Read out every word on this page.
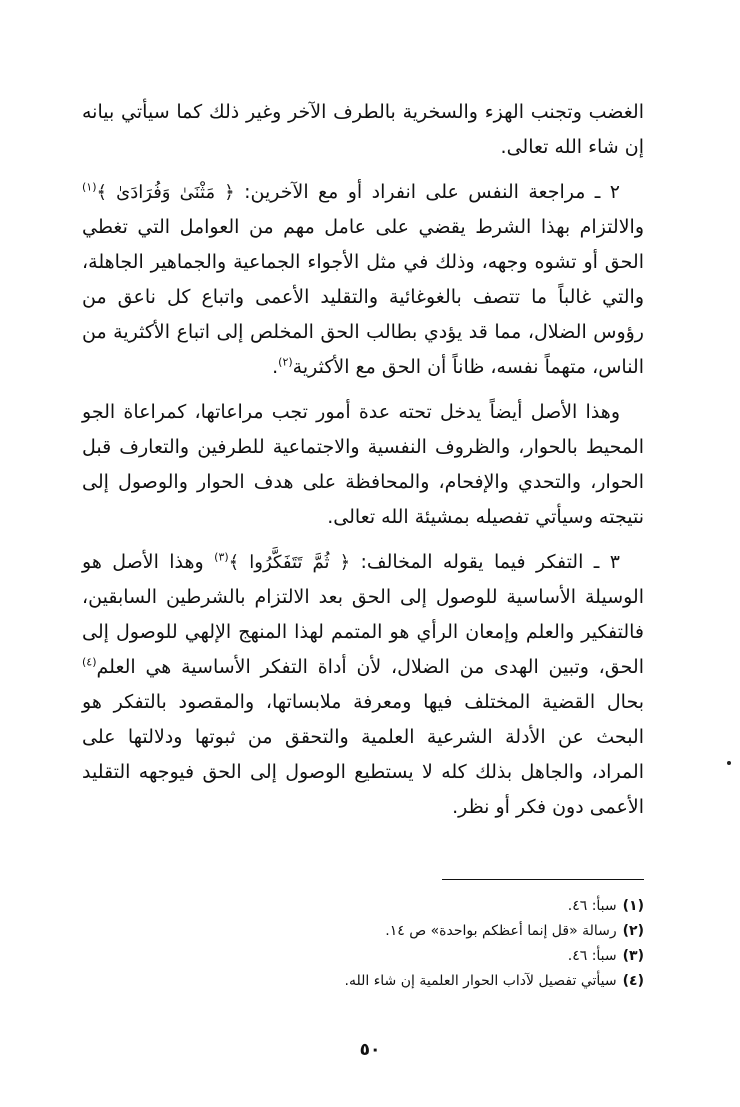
الغضب وتجنب الهزء والسخرية بالطرف الآخر وغير ذلك كما سيأتي بيانه إن شاء الله تعالى.

٢ ـ مراجعة النفس على انفراد أو مع الآخرين: ﴿ مَثْنَىٰ وَفُرَادَىٰ ﴾$^{(١)}$ والالتزام بهذا الشرط يقضي على عامل مهم من العوامل التي تغطي الحق أو تشوه وجهه، وذلك في مثل الأجواء الجماعية والجماهير الجاهلة، والتي غالباً ما تتصف بالغوغائية والتقليد الأعمى واتباع كل ناعق من رؤوس الضلال، مما قد يؤدي بطالب الحق المخلص إلى اتباع الأكثرية من الناس، متهماً نفسه، ظاناً أن الحق مع الأكثرية$^{(٢)}$.

وهذا الأصل أيضاً يدخل تحته عدة أمور تجب مراعاتها، كمراعاة الجو المحيط بالحوار، والظروف النفسية والاجتماعية للطرفين والتعارف قبل الحوار، والتحدي والإفحام، والمحافظة على هدف الحوار والوصول إلى نتيجته وسيأتي تفصيله بمشيئة الله تعالى.

٣ ـ التفكر فيما يقوله المخالف: ﴿ ثُمَّ تَتَفَكَّرُوا ﴾$^{(٣)}$ وهذا الأصل هو الوسيلة الأساسية للوصول إلى الحق بعد الالتزام بالشرطين السابقين، فالتفكير والعلم وإمعان الرأي هو المتمم لهذا المنهج الإلهي للوصول إلى الحق، وتبين الهدى من الضلال، لأن أداة التفكر الأساسية هي العلم$^{(٤)}$ بحال القضية المختلف فيها ومعرفة ملابساتها، والمقصود بالتفكر هو البحث عن الأدلة الشرعية العلمية والتحقق من ثبوتها ودلالتها على المراد، والجاهل بذلك كله لا يستطيع الوصول إلى الحق فيوجهه التقليد الأعمى دون فكر أو نظر.

(١)سبأ: ٤٦.

(٢)رسالة «قل إنما أعظكم بواحدة» ص ١٤.

(٣)سبأ: ٤٦.

(٤)سيأتي تفصيل لآداب الحوار العلمية إن شاء الله.

٥٠
